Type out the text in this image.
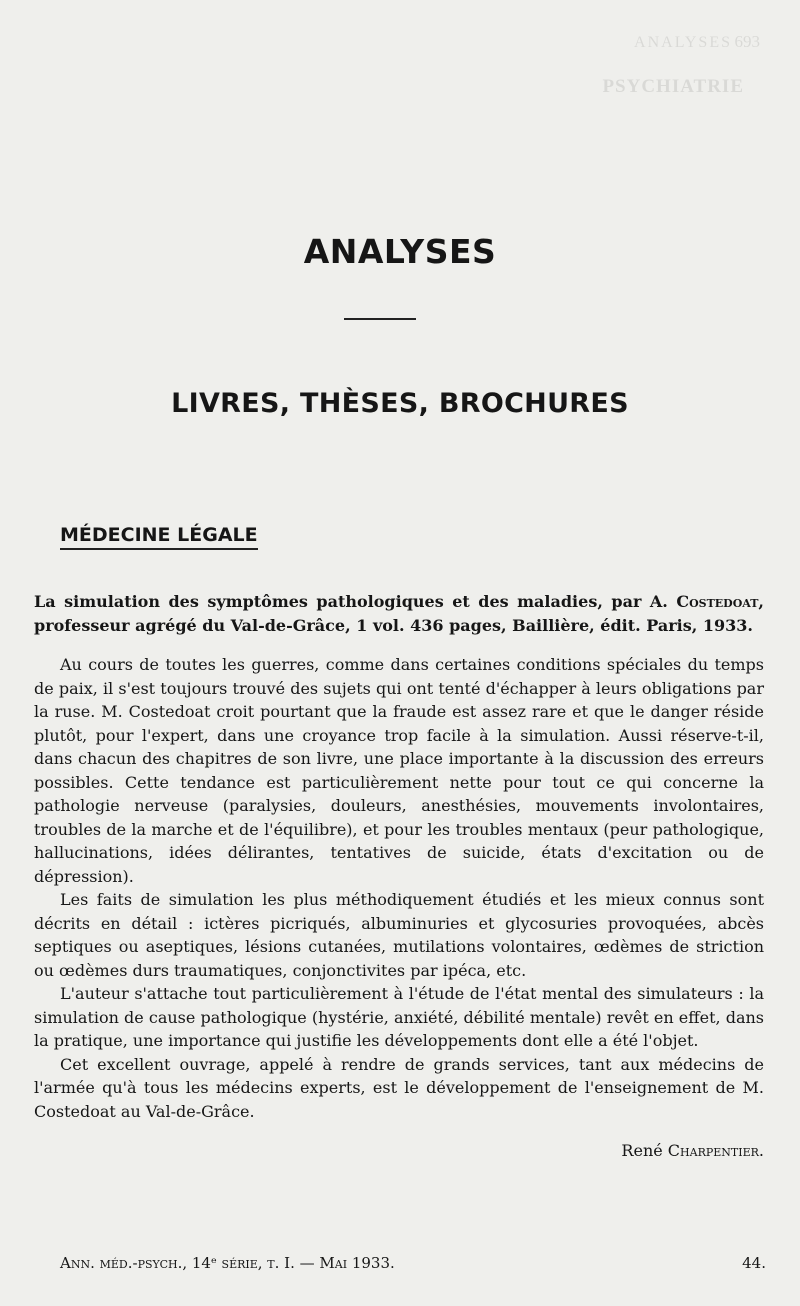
ANALYSES 693
PSYCHIATRIE
ANALYSES
LIVRES, THÈSES, BROCHURES
MÉDECINE LÉGALE

La simulation des symptômes pathologiques et des maladies, par A. Costedoat, professeur agrégé du Val-de-Grâce, 1 vol. 436 pages, Baillière, édit. Paris, 1933.

Au cours de toutes les guerres, comme dans certaines conditions spéciales du temps de paix, il s'est toujours trouvé des sujets qui ont tenté d'échapper à leurs obligations par la ruse. M. Costedoat croit pourtant que la fraude est assez rare et que le danger réside plutôt, pour l'expert, dans une croyance trop facile à la simulation. Aussi réserve-t-il, dans chacun des chapitres de son livre, une place importante à la discussion des erreurs possibles. Cette tendance est particulièrement nette pour tout ce qui concerne la pathologie nerveuse (paralysies, douleurs, anesthésies, mouvements involontaires, troubles de la marche et de l'équilibre), et pour les troubles mentaux (peur pathologique, hallucinations, idées délirantes, tentatives de suicide, états d'excitation ou de dépression).

Les faits de simulation les plus méthodiquement étudiés et les mieux connus sont décrits en détail : ictères picriqués, albuminuries et glycosuries provoquées, abcès septiques ou aseptiques, lésions cutanées, mutilations volontaires, œdèmes de striction ou œdèmes durs traumatiques, conjonctivites par ipéca, etc.

L'auteur s'attache tout particulièrement à l'étude de l'état mental des simulateurs : la simulation de cause pathologique (hystérie, anxiété, débilité mentale) revêt en effet, dans la pratique, une importance qui justifie les développements dont elle a été l'objet.

Cet excellent ouvrage, appelé à rendre de grands services, tant aux médecins de l'armée qu'à tous les médecins experts, est le développement de l'enseignement de M. Costedoat au Val-de-Grâce.

René Charpentier.

Ann. méd.-psych., 14ᵉ série, t. I. — Mai 1933.	44.
